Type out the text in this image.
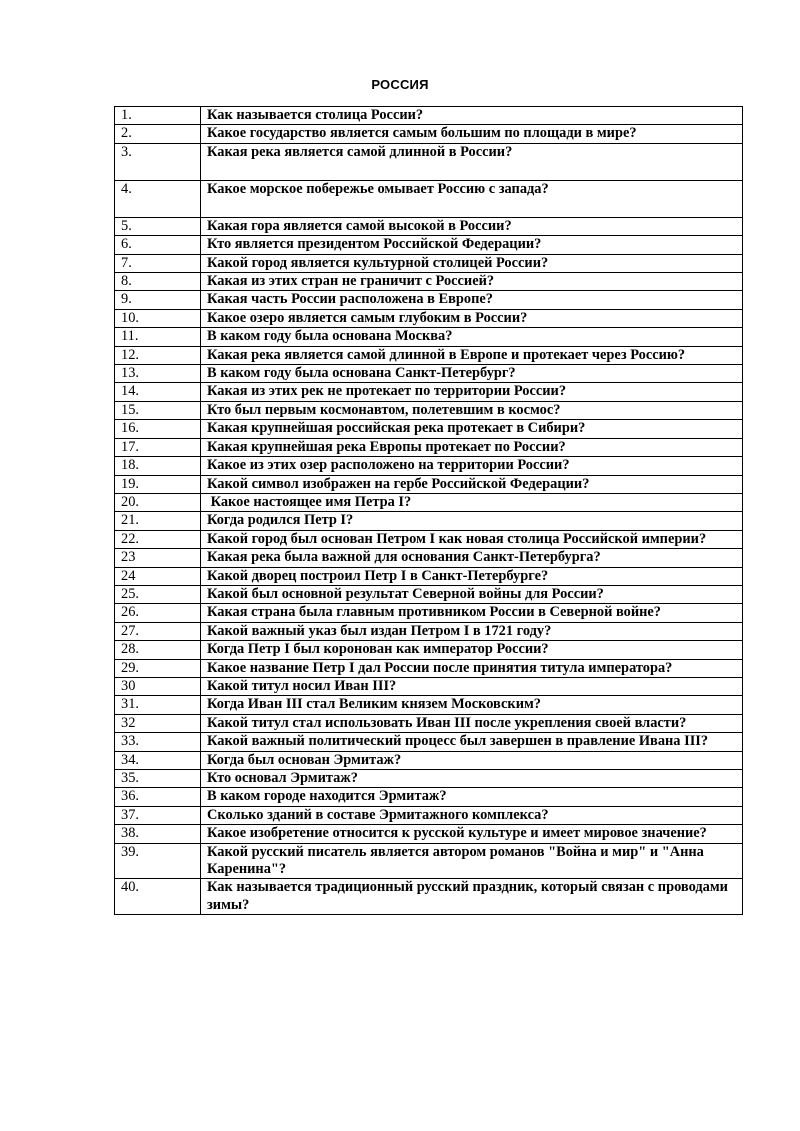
РОССИЯ
1.	Как называется столица России?
2.	Какое государство является самым большим по площади в мире?
3.	Какая река является самой длинной в России?
4.	Какое морское побережье омывает Россию с запада?
5.	Какая гора является самой высокой в России?
6.	Кто является президентом Российской Федерации?
7.	Какой город является культурной столицей России?
8.	Какая из этих стран не граничит с Россией?
9.	Какая часть России расположена в Европе?
10.	Какое озеро является самым глубоким в России?
11.	В каком году была основана Москва?
12.	Какая река является самой длинной в Европе и протекает через Россию?
13.	В каком году была основана Санкт-Петербург?
14.	Какая из этих рек не протекает по территории России?
15.	Кто был первым космонавтом, полетевшим в космос?
16.	Какая крупнейшая российская река протекает в Сибири?
17.	Какая крупнейшая река Европы протекает по России?
18.	Какое из этих озер расположено на территории России?
19.	Какой символ изображен на гербе Российской Федерации?
20.	Какое настоящее имя Петра I?
21.	Когда родился Петр I?
22.	Какой город был основан Петром I как новая столица Российской империи?
23	Какая река была важной для основания Санкт-Петербурга?
24	Какой дворец построил Петр I в Санкт-Петербурге?
25.	Какой был основной результат Северной войны для России?
26.	Какая страна была главным противником России в Северной войне?
27.	Какой важный указ был издан Петром I в 1721 году?
28.	Когда Петр I был коронован как император России?
29.	Какое название Петр I дал России после принятия титула императора?
30	Какой титул носил Иван III?
31.	Когда Иван III стал Великим князем Московским?
32	Какой титул стал использовать Иван III после укрепления своей власти?
33.	Какой важный политический процесс был завершен в правление Ивана III?
34.	Когда был основан Эрмитаж?
35.	Кто основал Эрмитаж?
36.	В каком городе находится Эрмитаж?
37.	Сколько зданий в составе Эрмитажного комплекса?
38.	Какое изобретение относится к русской культуре и имеет мировое значение?
39.	Какой русский писатель является автором романов "Война и мир" и "Анна Каренина"?
40.	Как называется традиционный русский праздник, который связан с проводами зимы?
